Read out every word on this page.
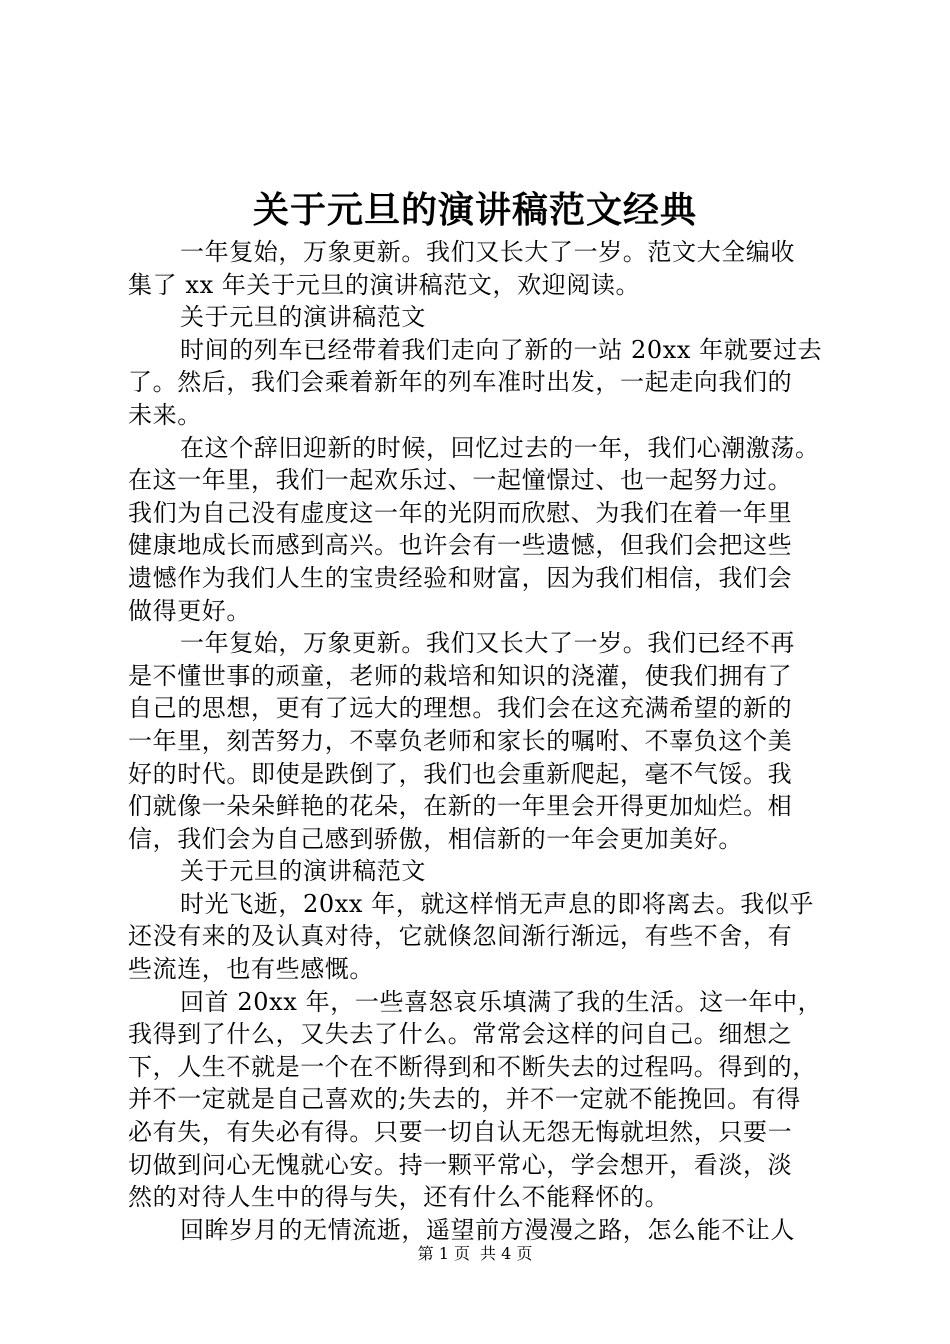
关于元旦的演讲稿范文经典
一年复始，万象更新。我们又长大了一岁。范文大全编收
集了 xx 年关于元旦的演讲稿范文，欢迎阅读。
关于元旦的演讲稿范文
时间的列车已经带着我们走向了新的一站 20xx 年就要过去
了。然后，我们会乘着新年的列车准时出发，一起走向我们的
未来。
在这个辞旧迎新的时候，回忆过去的一年，我们心潮激荡。
在这一年里，我们一起欢乐过、一起憧憬过、也一起努力过。
我们为自己没有虚度这一年的光阴而欣慰、为我们在着一年里
健康地成长而感到高兴。也许会有一些遗憾，但我们会把这些
遗憾作为我们人生的宝贵经验和财富，因为我们相信，我们会
做得更好。
一年复始，万象更新。我们又长大了一岁。我们已经不再
是不懂世事的顽童，老师的栽培和知识的浇灌，使我们拥有了
自己的思想，更有了远大的理想。我们会在这充满希望的新的
一年里，刻苦努力，不辜负老师和家长的嘱咐、不辜负这个美
好的时代。即使是跌倒了，我们也会重新爬起，毫不气馁。我
们就像一朵朵鲜艳的花朵，在新的一年里会开得更加灿烂。相
信，我们会为自己感到骄傲，相信新的一年会更加美好。
关于元旦的演讲稿范文
时光飞逝，20xx 年，就这样悄无声息的即将离去。我似乎
还没有来的及认真对待，它就倏忽间渐行渐远，有些不舍，有
些流连，也有些感慨。
回首 20xx 年，一些喜怒哀乐填满了我的生活。这一年中，
我得到了什么，又失去了什么。常常会这样的问自己。细想之
下，人生不就是一个在不断得到和不断失去的过程吗。得到的，
并不一定就是自己喜欢的;失去的，并不一定就不能挽回。有得
必有失，有失必有得。只要一切自认无怨无悔就坦然，只要一
切做到问心无愧就心安。持一颗平常心，学会想开，看淡，淡
然的对待人生中的得与失，还有什么不能释怀的。
回眸岁月的无情流逝，遥望前方漫漫之路，怎么能不让人
第 1 页 共 4 页
